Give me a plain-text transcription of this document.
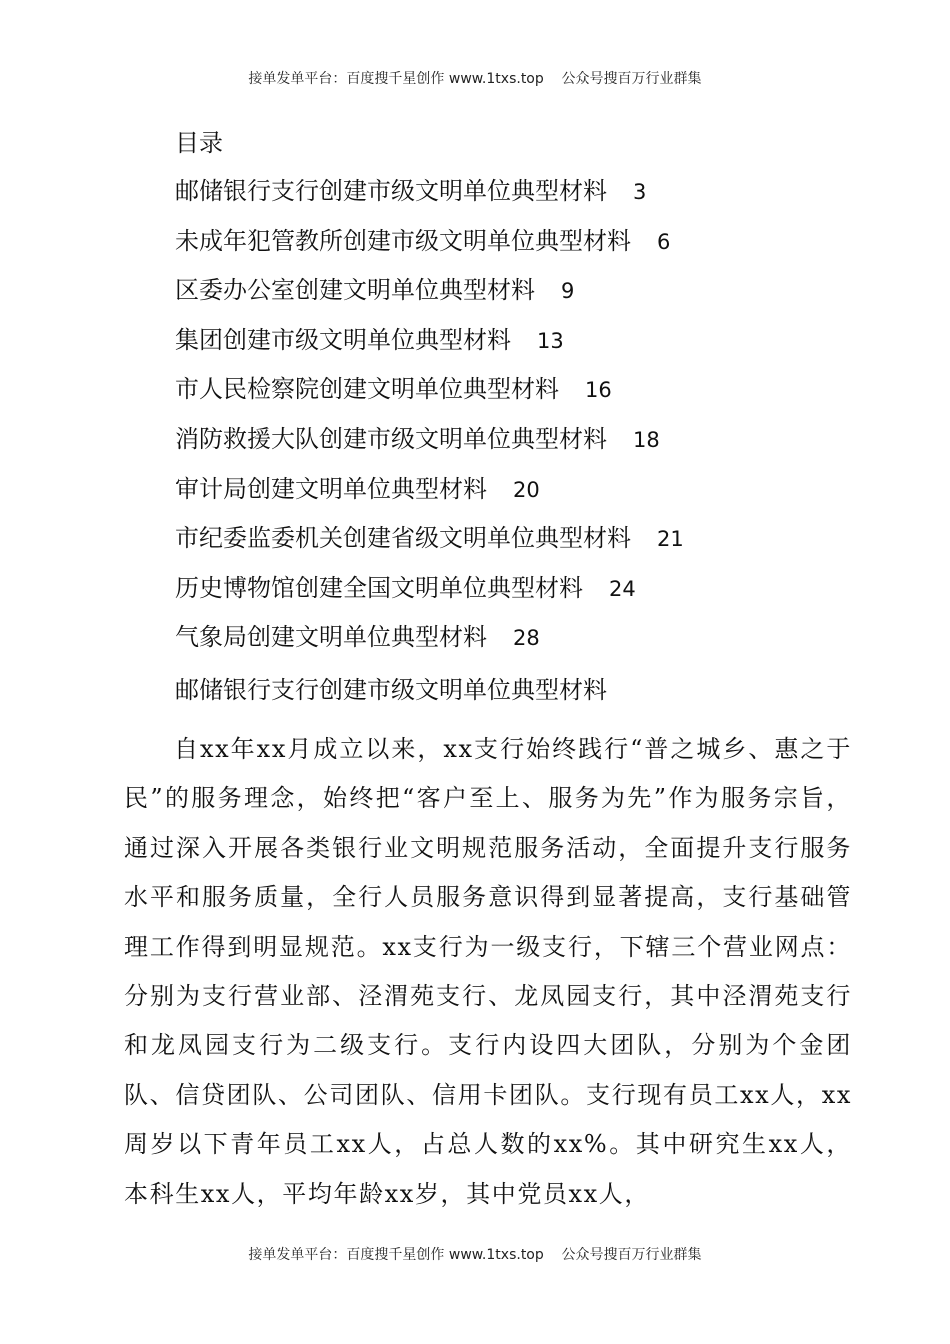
接单发单平台：百度搜千星创作 www.1txs.top    公众号搜百万行业群集
目录
邮储银行支行创建市级文明单位典型材料 3
未成年犯管教所创建市级文明单位典型材料 6
区委办公室创建文明单位典型材料 9
集团创建市级文明单位典型材料 13
市人民检察院创建文明单位典型材料 16
消防救援大队创建市级文明单位典型材料 18
审计局创建文明单位典型材料 20
市纪委监委机关创建省级文明单位典型材料 21
历史博物馆创建全国文明单位典型材料 24
气象局创建文明单位典型材料 28
邮储银行支行创建市级文明单位典型材料

自xx年xx月成立以来，xx支行始终践行“普之城乡、惠之于民”的服务理念，始终把“客户至上、服务为先”作为服务宗旨，通过深入开展各类银行业文明规范服务活动，全面提升支行服务水平和服务质量，全行人员服务意识得到显著提高，支行基础管理工作得到明显规范。xx支行为一级支行，下辖三个营业网点：分别为支行营业部、泾渭苑支行、龙凤园支行，其中泾渭苑支行和龙凤园支行为二级支行。支行内设四大团队，分别为个金团队、信贷团队、公司团队、信用卡团队。支行现有员工xx人，xx周岁以下青年员工xx人，占总人数的xx%。其中研究生xx人，本科生xx人，平均年龄xx岁，其中党员xx人，

接单发单平台：百度搜千星创作 www.1txs.top    公众号搜百万行业群集
